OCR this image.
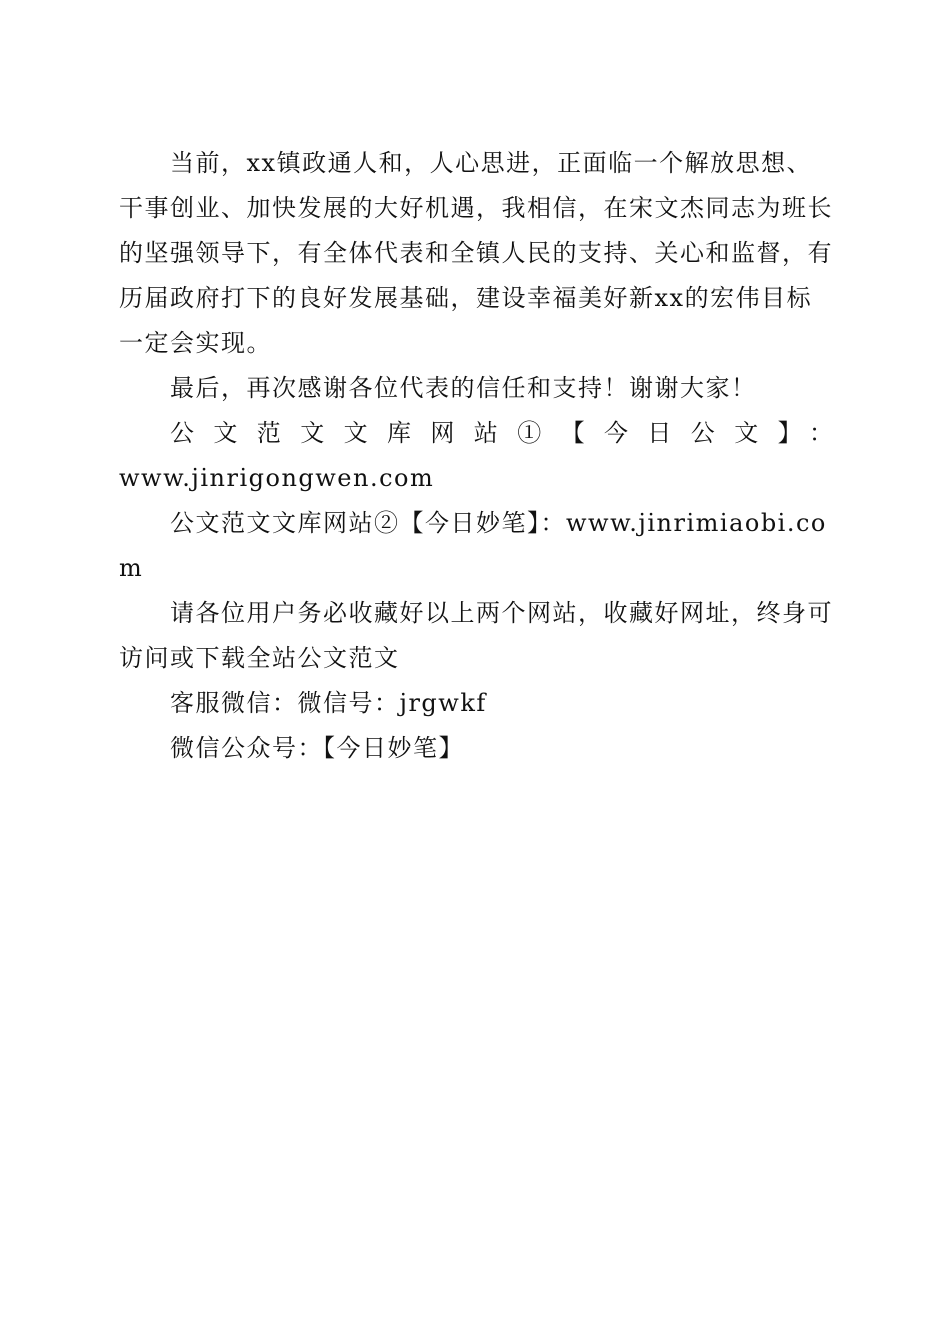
当前，xx镇政通人和，人心思进，正面临一个解放思想、干事创业、加快发展的大好机遇，我相信，在宋文杰同志为班长的坚强领导下，有全体代表和全镇人民的支持、关心和监督，有历届政府打下的良好发展基础，建设幸福美好新xx的宏伟目标一定会实现。

最后，再次感谢各位代表的信任和支持！谢谢大家！

公文范文文库网站①【今日公文】：
www.jinrigongwen.com

公文范文文库网站②【今日妙笔】：www.jinrimiaobi.com

请各位用户务必收藏好以上两个网站，收藏好网址，终身可访问或下载全站公文范文

客服微信：微信号：jrgwkf

微信公众号：【今日妙笔】
